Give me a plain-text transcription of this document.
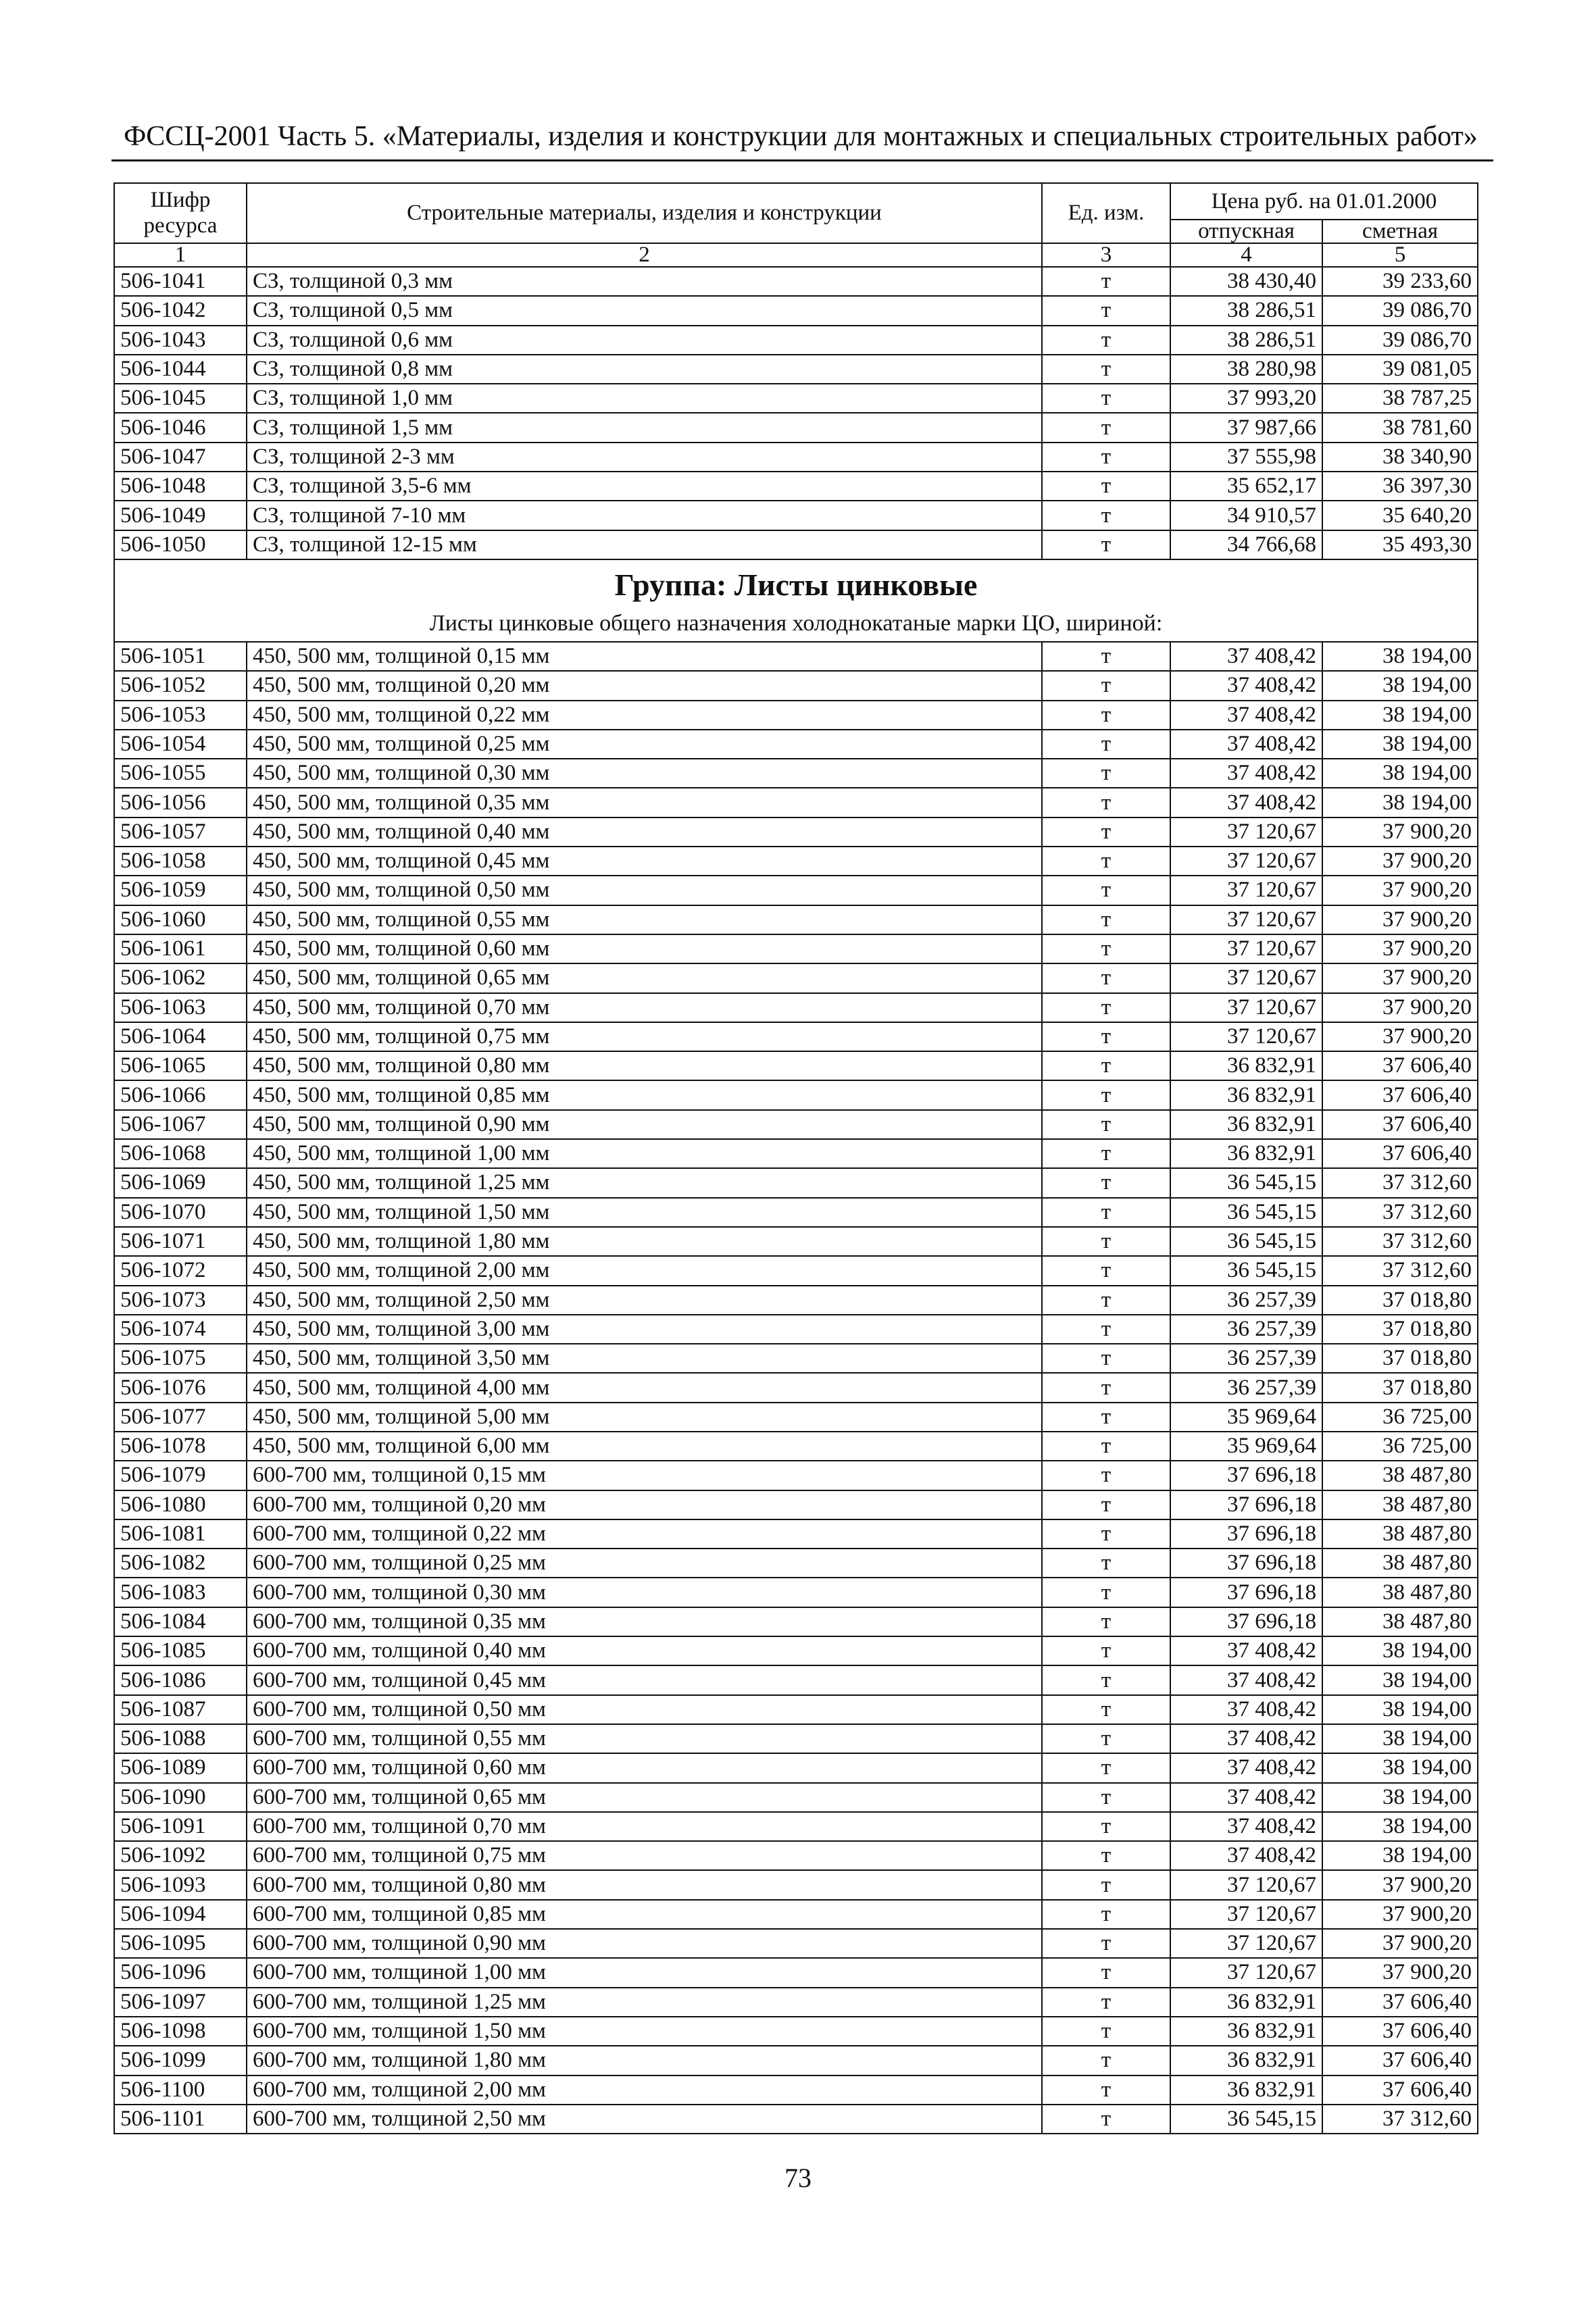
ФССЦ-2001 Часть 5. «Материалы, изделия и конструкции для монтажных и специальных строительных работ»
Шифр ресурса	Строительные материалы, изделия и конструкции	Ед. изм.	Цена руб. на 01.01.2000	
			отпускная	сметная
1	2	3	4	5
506-1041	СЗ, толщиной 0,3 мм	т	38 430,40	39 233,60
506-1042	СЗ, толщиной 0,5 мм	т	38 286,51	39 086,70
506-1043	СЗ, толщиной 0,6 мм	т	38 286,51	39 086,70
506-1044	СЗ, толщиной 0,8 мм	т	38 280,98	39 081,05
506-1045	СЗ, толщиной 1,0 мм	т	37 993,20	38 787,25
506-1046	СЗ, толщиной 1,5 мм	т	37 987,66	38 781,60
506-1047	СЗ, толщиной 2-3 мм	т	37 555,98	38 340,90
506-1048	СЗ, толщиной 3,5-6 мм	т	35 652,17	36 397,30
506-1049	СЗ, толщиной 7-10 мм	т	34 910,57	35 640,20
506-1050	СЗ, толщиной 12-15 мм	т	34 766,68	35 493,30
Группа: Листы цинковые				
Листы цинковые общего назначения холоднокатаные марки ЦО, шириной:				
506-1051	450, 500 мм, толщиной 0,15 мм	т	37 408,42	38 194,00
506-1052	450, 500 мм, толщиной 0,20 мм	т	37 408,42	38 194,00
506-1053	450, 500 мм, толщиной 0,22 мм	т	37 408,42	38 194,00
506-1054	450, 500 мм, толщиной 0,25 мм	т	37 408,42	38 194,00
506-1055	450, 500 мм, толщиной 0,30 мм	т	37 408,42	38 194,00
506-1056	450, 500 мм, толщиной 0,35 мм	т	37 408,42	38 194,00
506-1057	450, 500 мм, толщиной 0,40 мм	т	37 120,67	37 900,20
506-1058	450, 500 мм, толщиной 0,45 мм	т	37 120,67	37 900,20
506-1059	450, 500 мм, толщиной 0,50 мм	т	37 120,67	37 900,20
506-1060	450, 500 мм, толщиной 0,55 мм	т	37 120,67	37 900,20
506-1061	450, 500 мм, толщиной 0,60 мм	т	37 120,67	37 900,20
506-1062	450, 500 мм, толщиной 0,65 мм	т	37 120,67	37 900,20
506-1063	450, 500 мм, толщиной 0,70 мм	т	37 120,67	37 900,20
506-1064	450, 500 мм, толщиной 0,75 мм	т	37 120,67	37 900,20
506-1065	450, 500 мм, толщиной 0,80 мм	т	36 832,91	37 606,40
506-1066	450, 500 мм, толщиной 0,85 мм	т	36 832,91	37 606,40
506-1067	450, 500 мм, толщиной 0,90 мм	т	36 832,91	37 606,40
506-1068	450, 500 мм, толщиной 1,00 мм	т	36 832,91	37 606,40
506-1069	450, 500 мм, толщиной 1,25 мм	т	36 545,15	37 312,60
506-1070	450, 500 мм, толщиной 1,50 мм	т	36 545,15	37 312,60
506-1071	450, 500 мм, толщиной 1,80 мм	т	36 545,15	37 312,60
506-1072	450, 500 мм, толщиной 2,00 мм	т	36 545,15	37 312,60
506-1073	450, 500 мм, толщиной 2,50 мм	т	36 257,39	37 018,80
506-1074	450, 500 мм, толщиной 3,00 мм	т	36 257,39	37 018,80
506-1075	450, 500 мм, толщиной 3,50 мм	т	36 257,39	37 018,80
506-1076	450, 500 мм, толщиной 4,00 мм	т	36 257,39	37 018,80
506-1077	450, 500 мм, толщиной 5,00 мм	т	35 969,64	36 725,00
506-1078	450, 500 мм, толщиной 6,00 мм	т	35 969,64	36 725,00
506-1079	600-700 мм, толщиной 0,15 мм	т	37 696,18	38 487,80
506-1080	600-700 мм, толщиной 0,20 мм	т	37 696,18	38 487,80
506-1081	600-700 мм, толщиной 0,22 мм	т	37 696,18	38 487,80
506-1082	600-700 мм, толщиной 0,25 мм	т	37 696,18	38 487,80
506-1083	600-700 мм, толщиной 0,30 мм	т	37 696,18	38 487,80
506-1084	600-700 мм, толщиной 0,35 мм	т	37 696,18	38 487,80
506-1085	600-700 мм, толщиной 0,40 мм	т	37 408,42	38 194,00
506-1086	600-700 мм, толщиной 0,45 мм	т	37 408,42	38 194,00
506-1087	600-700 мм, толщиной 0,50 мм	т	37 408,42	38 194,00
506-1088	600-700 мм, толщиной 0,55 мм	т	37 408,42	38 194,00
506-1089	600-700 мм, толщиной 0,60 мм	т	37 408,42	38 194,00
506-1090	600-700 мм, толщиной 0,65 мм	т	37 408,42	38 194,00
506-1091	600-700 мм, толщиной 0,70 мм	т	37 408,42	38 194,00
506-1092	600-700 мм, толщиной 0,75 мм	т	37 408,42	38 194,00
506-1093	600-700 мм, толщиной 0,80 мм	т	37 120,67	37 900,20
506-1094	600-700 мм, толщиной 0,85 мм	т	37 120,67	37 900,20
506-1095	600-700 мм, толщиной 0,90 мм	т	37 120,67	37 900,20
506-1096	600-700 мм, толщиной 1,00 мм	т	37 120,67	37 900,20
506-1097	600-700 мм, толщиной 1,25 мм	т	36 832,91	37 606,40
506-1098	600-700 мм, толщиной 1,50 мм	т	36 832,91	37 606,40
506-1099	600-700 мм, толщиной 1,80 мм	т	36 832,91	37 606,40
506-1100	600-700 мм, толщиной 2,00 мм	т	36 832,91	37 606,40
506-1101	600-700 мм, толщиной 2,50 мм	т	36 545,15	37 312,60
73
